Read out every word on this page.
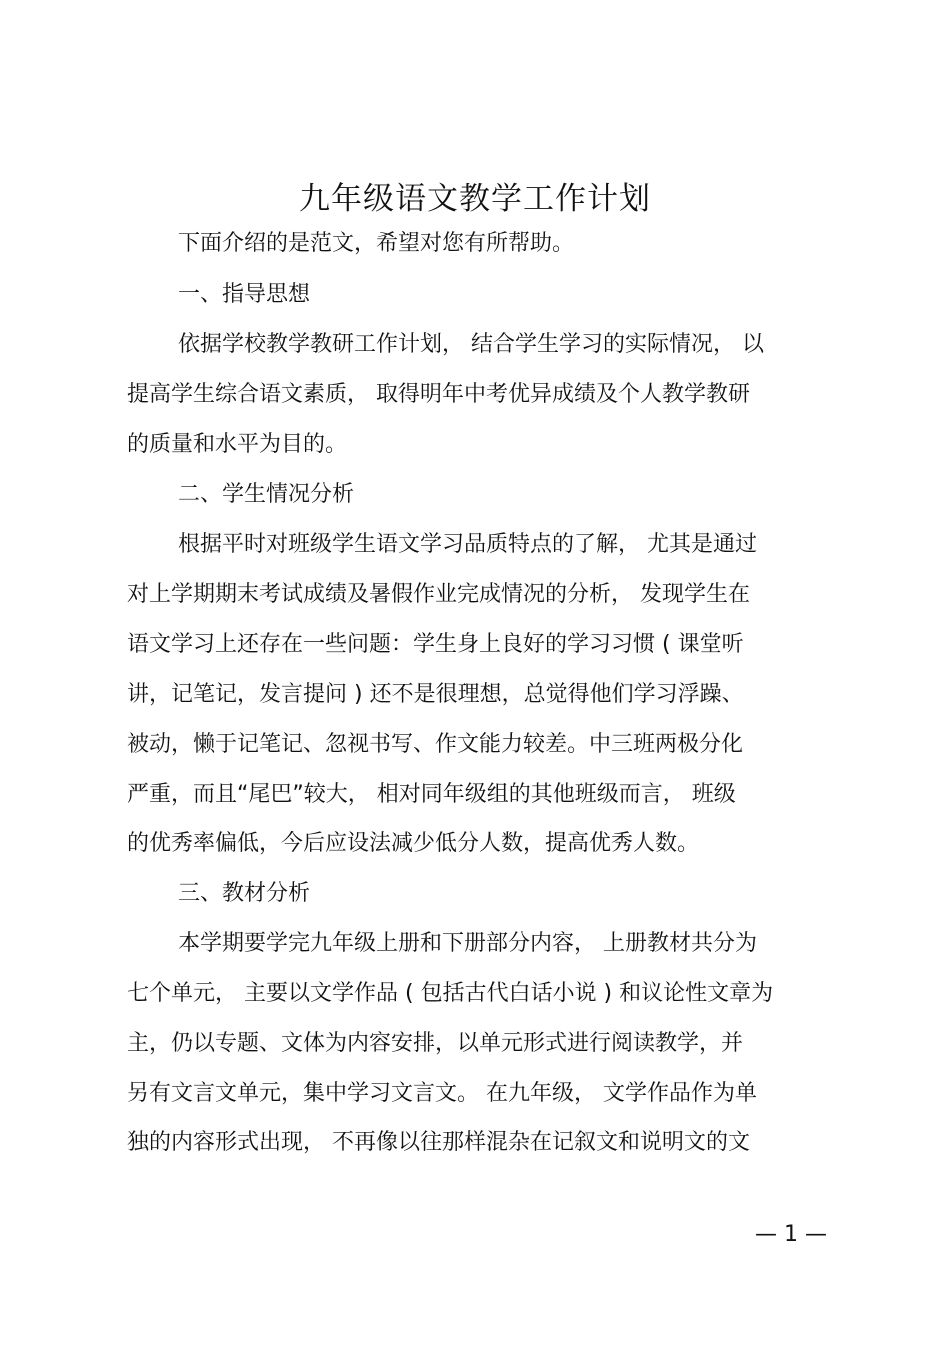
九年级语文教学工作计划
下面介绍的是范文，希望对您有所帮助。
一、指导思想
依据学校教学教研工作计划， 结合学生学习的实际情况， 以
提高学生综合语文素质， 取得明年中考优异成绩及个人教学教研
的质量和水平为目的。
二、学生情况分析
根据平时对班级学生语文学习品质特点的了解， 尤其是通过
对上学期期末考试成绩及暑假作业完成情况的分析， 发现学生在
语文学习上还存在一些问题：学生身上良好的学习习惯 ( 课堂听
讲，记笔记，发言提问 ) 还不是很理想，总觉得他们学习浮躁、
被动，懒于记笔记、忽视书写、作文能力较差。中三班两极分化
严重，而且“尾巴”较大， 相对同年级组的其他班级而言， 班级
的优秀率偏低，今后应设法减少低分人数，提高优秀人数。
三、教材分析
本学期要学完九年级上册和下册部分内容， 上册教材共分为
七个单元， 主要以文学作品 ( 包括古代白话小说 ) 和议论性文章为
主，仍以专题、文体为内容安排，以单元形式进行阅读教学，并
另有文言文单元，集中学习文言文。 在九年级， 文学作品作为单
独的内容形式出现， 不再像以往那样混杂在记叙文和说明文的文
— 1 —
